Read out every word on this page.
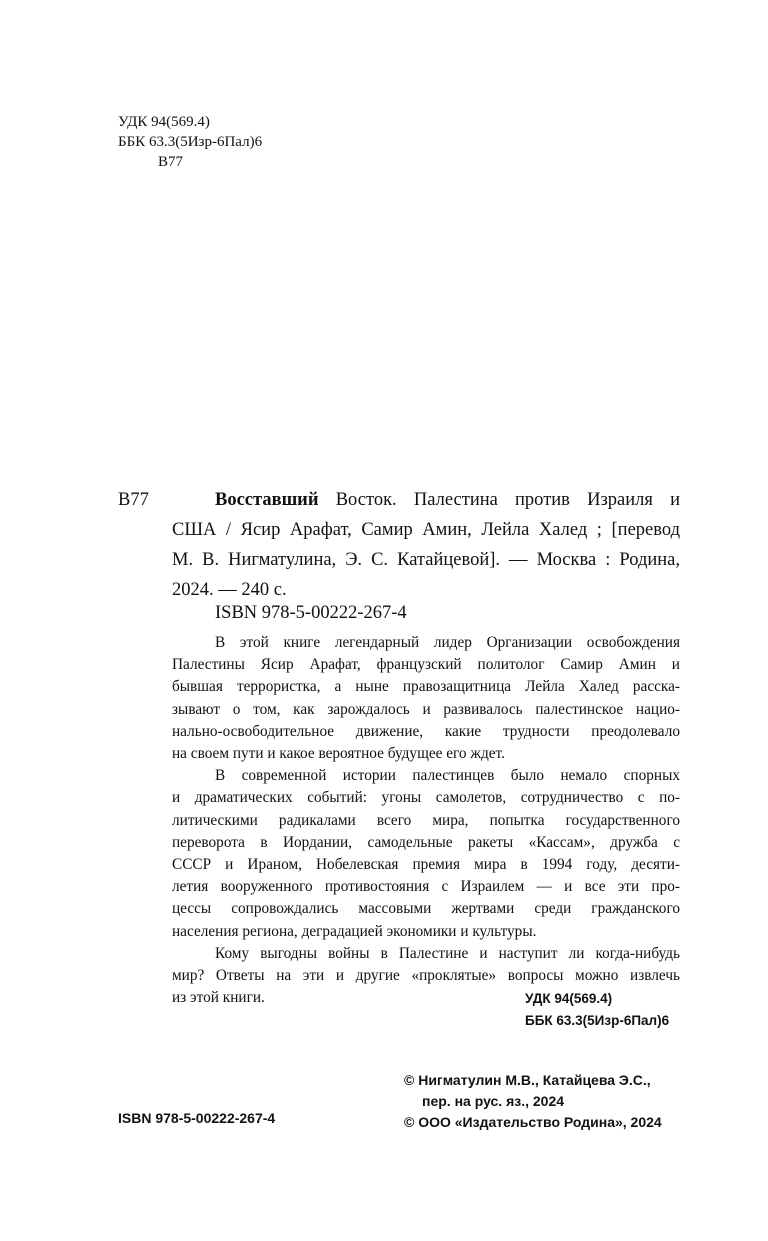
УДК 94(569.4)
ББК 63.3(5Изр-6Пал)6
В77
В77	Восставший Восток. Палестина против Израиля и
США / Ясир Арафат, Самир Амин, Лейла Халед ; [перевод
М. В. Нигматулина, Э. С. Катайцевой]. — Москва : Родина,
2024. — 240 с.
ISBN 978-5-00222-267-4
В этой книге легендарный лидер Организации освобождения
Палестины Ясир Арафат, французский политолог Самир Амин и
бывшая террористка, а ныне правозащитница Лейла Халед расска-
зывают о том, как зарождалось и развивалось палестинское нацио-
нально-освободительное движение, какие трудности преодолевало
на своем пути и какое вероятное будущее его ждет.
В современной истории палестинцев было немало спорных
и драматических событий: угоны самолетов, сотрудничество с по-
литическими радикалами всего мира, попытка государственного
переворота в Иордании, самодельные ракеты «Кассам», дружба с
СССР и Ираном, Нобелевская премия мира в 1994 году, десяти-
летия вооруженного противостояния с Израилем — и все эти про-
цессы сопровождались массовыми жертвами среди гражданского
населения региона, деградацией экономики и культуры.
Кому выгодны войны в Палестине и наступит ли когда-нибудь
мир? Ответы на эти и другие «проклятые» вопросы можно извлечь
из этой книги.	УДК 94(569.4)
ББК 63.3(5Изр-6Пал)6
© Нигматулин М.В., Катайцева Э.С.,
пер. на рус. яз., 2024
© ООО «Издательство Родина», 2024
ISBN 978-5-00222-267-4
